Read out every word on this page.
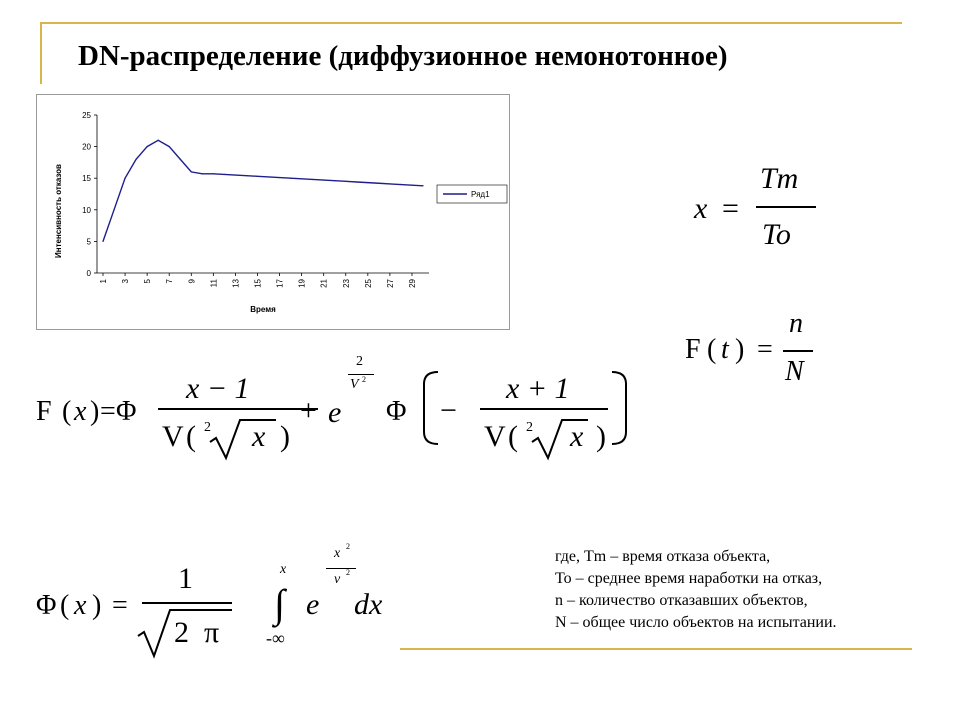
DN-распределение (диффузионное немонотонное)
0
5
10
15
20
25
1 3 5 7 9 11 13 15 17 19 21 23 25 27 29
Интенсивность отказов
Время
Ряд1	x =
Tm
To
F ( t ) =
n
N
F ( x ) = Φ
x − 1
V ( 2 x )
+ e
2
V 2
Φ −
x + 1
V ( 2 x )
Φ ( x ) =
1
2 π
x
∫
-∞
e
x 2
v 2
dx
где, Tm – время отказа объекта,
To – среднее время наработки на отказ,
n – количество отказавших объектов,
N – общее число объектов на испытании.
